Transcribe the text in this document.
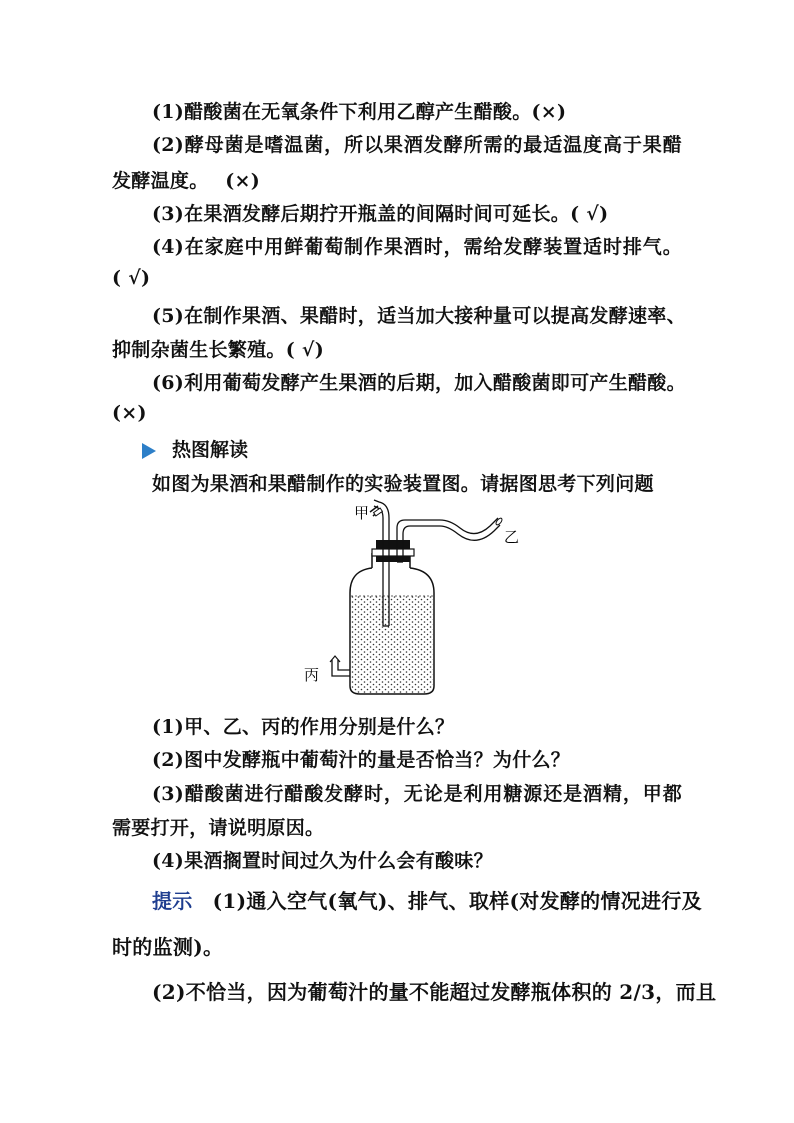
(1)醋酸菌在无氧条件下利用乙醇产生醋酸。(×)
(2)酵母菌是嗜温菌，所以果酒发酵所需的最适温度高于果醋
发酵温度。　 (×)
(3)在果酒发酵后期拧开瓶盖的间隔时间可延长。( √)
(4)在家庭中用鲜葡萄制作果酒时，需给发酵装置适时排气。
( √)
(5)在制作果酒、果醋时，适当加大接种量可以提高发酵速率、
抑制杂菌生长繁殖。( √)
(6)利用葡萄发酵产生果酒的后期，加入醋酸菌即可产生醋酸。
(×)
热图解读
如图为果酒和果醋制作的实验装置图。请据图思考下列问题
甲
乙
丙
(1)甲、乙、丙的作用分别是什么？
(2)图中发酵瓶中葡萄汁的量是否恰当？为什么？
(3)醋酸菌进行醋酸发酵时，无论是利用糖源还是酒精，甲都
需要打开，请说明原因。
(4)果酒搁置时间过久为什么会有酸味？
提示 (1)通入空气(氧气)、排气、取样(对发酵的情况进行及
时的监测)。
(2)不恰当，因为葡萄汁的量不能超过发酵瓶体积的 2/3，而且
